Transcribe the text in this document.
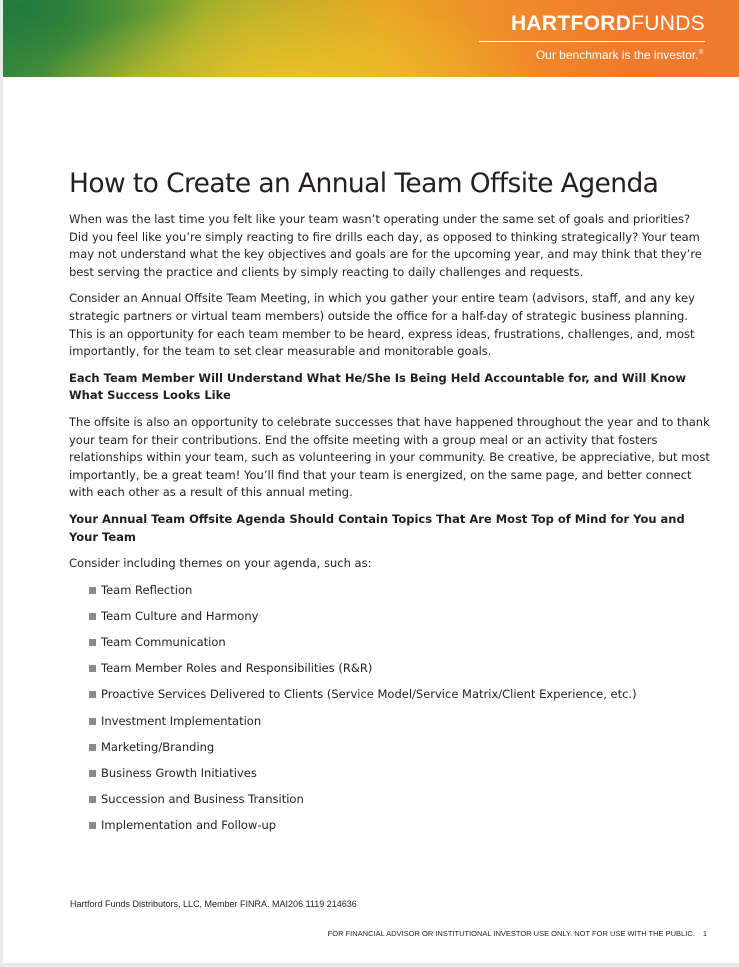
HARTFORDFUNDS
Our benchmark is the investor.®
How to Create an Annual Team Offsite Agenda

When was the last time you felt like your team wasn’t operating under the same set of goals and priorities? Did you feel like you’re simply reacting to fire drills each day, as opposed to thinking strategically? Your team may not understand what the key objectives and goals are for the upcoming year, and may think that they’re best serving the practice and clients by simply reacting to daily challenges and requests.

Consider an Annual Offsite Team Meeting, in which you gather your entire team (advisors, staff, and any key strategic partners or virtual team members) outside the office for a half-day of strategic business planning. This is an opportunity for each team member to be heard, express ideas, frustrations, challenges, and, most importantly, for the team to set clear measurable and monitorable goals.

Each Team Member Will Understand What He/She Is Being Held Accountable for, and Will Know What Success Looks Like

The offsite is also an opportunity to celebrate successes that have happened throughout the year and to thank your team for their contributions. End the offsite meeting with a group meal or an activity that fosters relationships within your team, such as volunteering in your community. Be creative, be appreciative, but most importantly, be a great team! You’ll find that your team is energized, on the same page, and better connect with each other as a result of this annual meting.

Your Annual Team Offsite Agenda Should Contain Topics That Are Most Top of Mind for You and Your Team

Consider including themes on your agenda, such as:

Team Reflection
Team Culture and Harmony
Team Communication
Team Member Roles and Responsibilities (R&R)
Proactive Services Delivered to Clients (Service Model/Service Matrix/Client Experience, etc.)
Investment Implementation
Marketing/Branding
Business Growth Initiatives
Succession and Business Transition
Implementation and Follow-up
Hartford Funds Distributors, LLC, Member FINRA. MAI206 1119 214636
FOR FINANCIAL ADVISOR OR INSTITUTIONAL INVESTOR USE ONLY. NOT FOR USE WITH THE PUBLIC. 1
